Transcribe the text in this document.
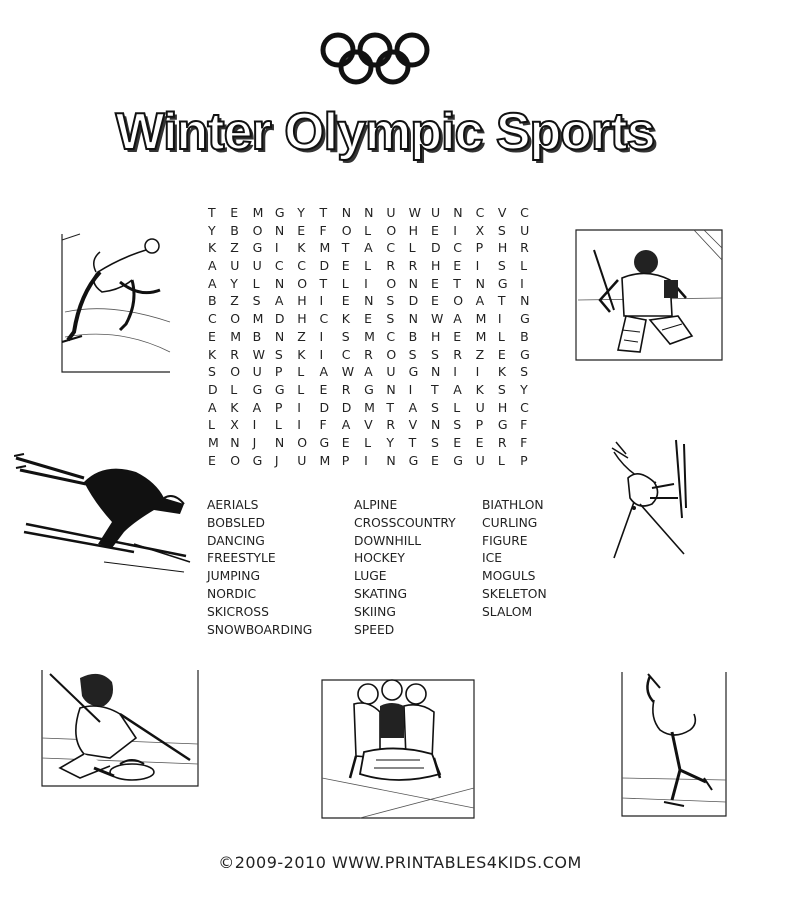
Winter Olympic Sports
T	E	M G	Y	T	N	N	U	W U	N	C	V	C
Y	B	O N	E	F	O L	O H	E	I	X	S	U
K	Z	G	I	K	M T	A	C	L	D	C	P	H	R
A	U	U	C	C	D	E	L	R	R	H	E	I	S	L
A	Y	L	N	O T	L	I	O N	E	T	N	G	I
B	Z	S	A	H	I	E	N	S	D	E	O A	T	N
C	O M D	H	C	K	E	S	N	W A	M I	G
E	M B	N	Z	I	S	M C	B	H	E	M L	B
K	R	W S	K	I	C	R	O S	S	R	Z	E	G
S	O U	P	L	A	W A	U	G	N	I	I	K	S
D	L	G	G	L	E	R	G	N	I	T	A	K	S	Y
A	K	A	P	I	D	D	M T	A	S	L	U	H	C
L	X	I	L	I	F	A	V	R	V	N	S	P	G	F
M N	J	N	O G	E	L	Y	T	S	E	E	R	F
E	O G	J	U	M P	I	N	G	E	G	U	L	P
AERIALS	ALPINE	BIATHLON
BOBSLED	CROSSCOUNTRY	CURLING
DANCING	DOWNHILL	FIGURE
FREESTYLE	HOCKEY	ICE
JUMPING	LUGE	MOGULS
NORDIC	SKATING	SKELETON
SKICROSS	SKIING	SLALOM
SNOWBOARDING	SPEED
©2009-2010 WWW.PRINTABLES4KIDS.COM
